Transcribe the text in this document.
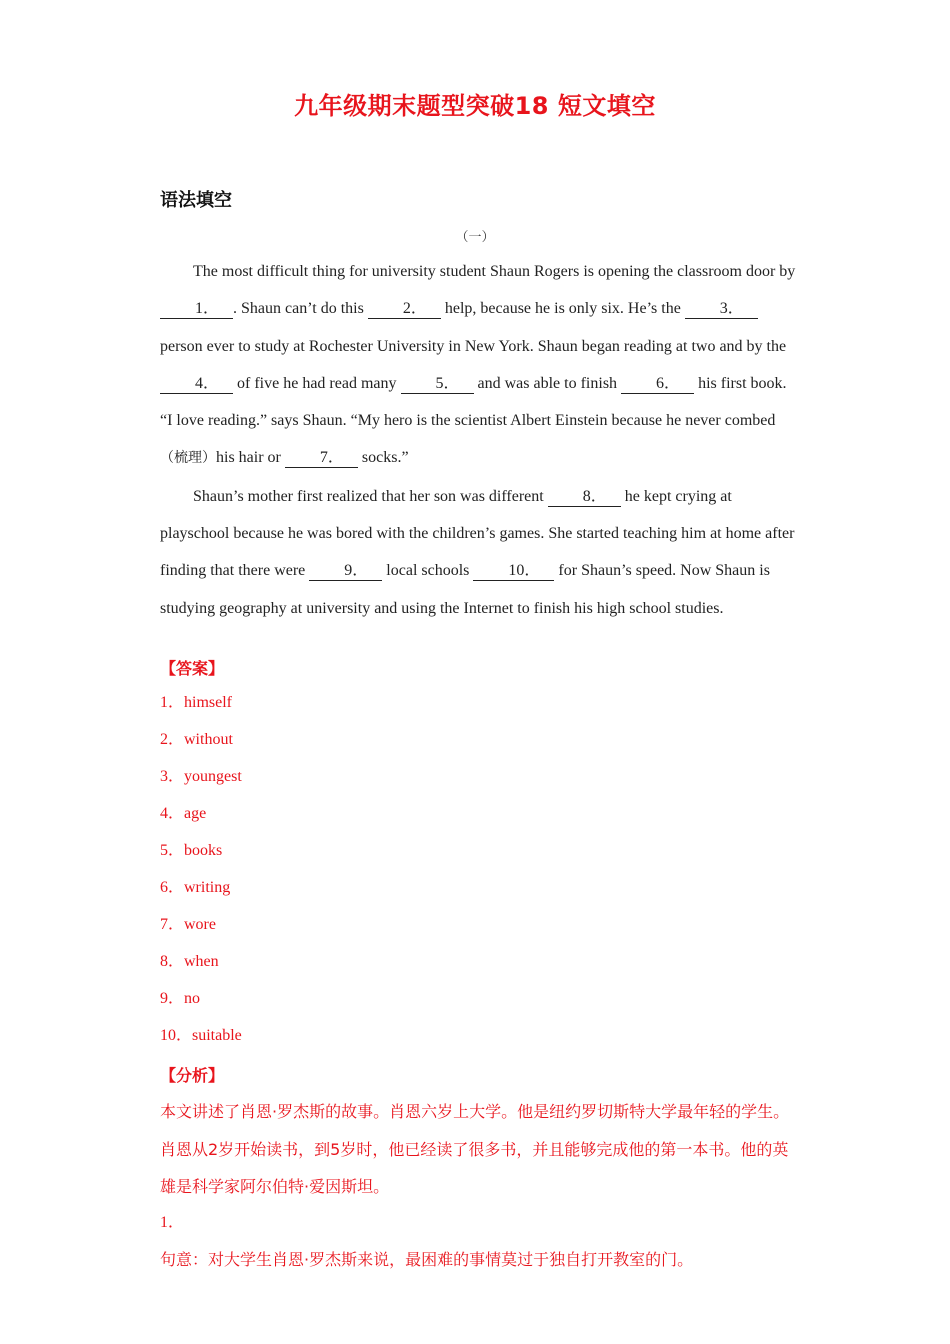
九年级期末题型突破18 短文填空
语法填空
（一）

The most difficult thing for university student Shaun Rogers is opening the classroom door by 1． . Shaun can’t do this 2． help, because he is only six. He’s the 3． person ever to study at Rochester University in New York. Shaun began reading at two and by the 4． of five he had read many 5． and was able to finish 6． his first book. “I love reading.” says Shaun. “My hero is the scientist Albert Einstein because he never combed（梳理）his hair or 7． socks.”

Shaun’s mother first realized that her son was different 8． he kept crying at playschool because he was bored with the children’s games. She started teaching him at home after finding that there were 9． local schools 10． for Shaun’s speed. Now Shaun is studying geography at university and using the Internet to finish his high school studies.

【答案】
1．himself
2．without
3．youngest
4．age
5．books
6．writing
7．wore
8．when
9．no
10．suitable
【分析】

本文讲述了肖恩·罗杰斯的故事。肖恩六岁上大学。他是纽约罗切斯特大学最年轻的学生。肖恩从2岁开始读书，到5岁时，他已经读了很多书，并且能够完成他的第一本书。他的英雄是科学家阿尔伯特·爱因斯坦。

1．
句意：对大学生肖恩·罗杰斯来说，最困难的事情莫过于独自打开教室的门。
